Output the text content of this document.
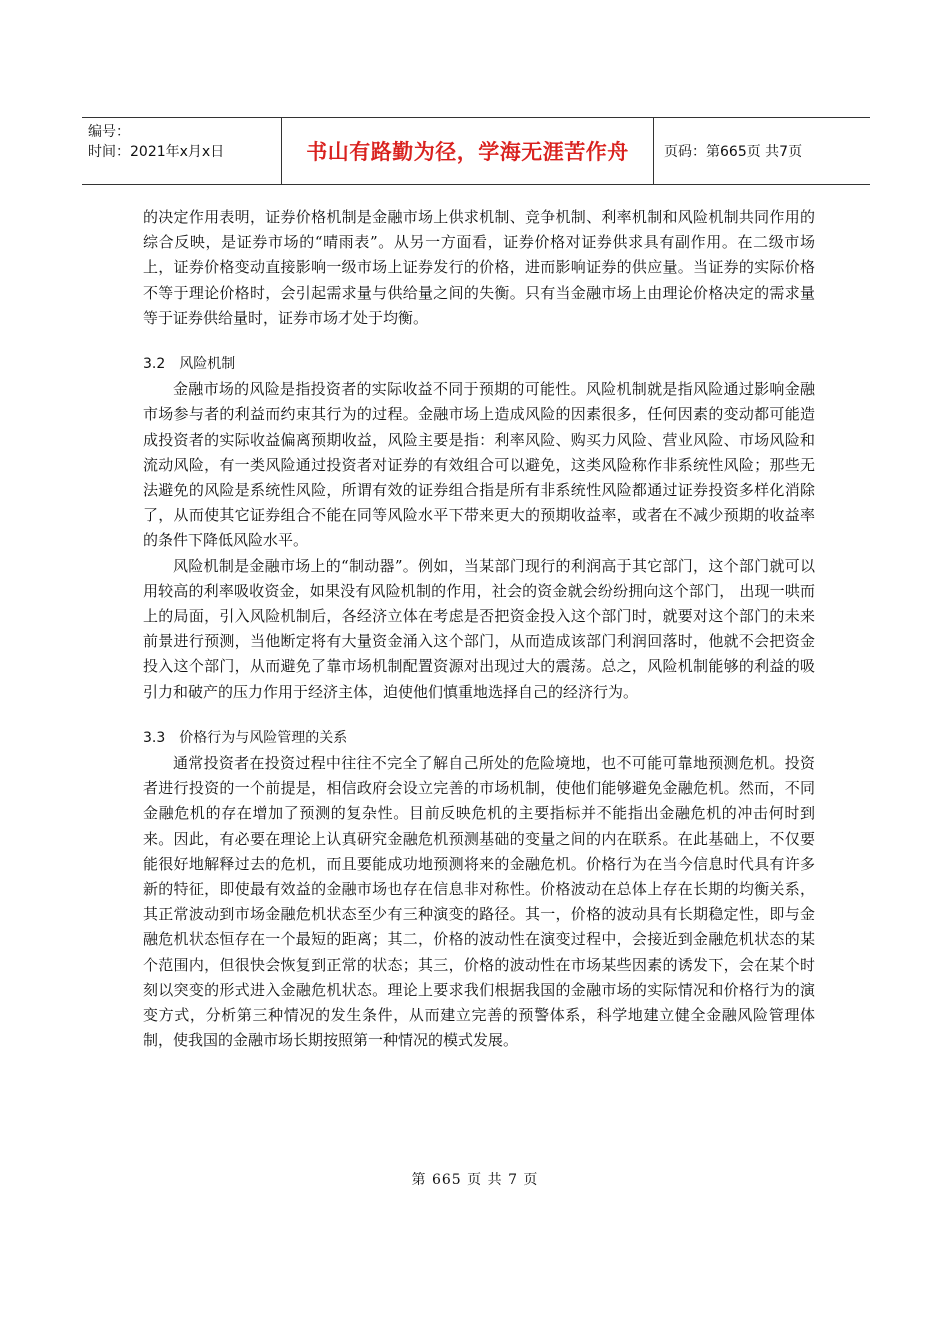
编号：
时间：2021年x月x日	书山有路勤为径，学海无涯苦作舟	页码：第665页 共7页

的决定作用表明，证券价格机制是金融市场上供求机制、竞争机制、利率机制和风险机制共同作用的综合反映，是证券市场的“晴雨表”。从另一方面看，证券价格对证券供求具有副作用。在二级市场上，证券价格变动直接影响一级市场上证券发行的价格，进而影响证券的供应量。当证券的实际价格不等于理论价格时，会引起需求量与供给量之间的失衡。只有当金融市场上由理论价格决定的需求量等于证券供给量时，证券市场才处于均衡。

3.2 风险机制

金融市场的风险是指投资者的实际收益不同于预期的可能性。风险机制就是指风险通过影响金融市场参与者的利益而约束其行为的过程。金融市场上造成风险的因素很多，任何因素的变动都可能造成投资者的实际收益偏离预期收益，风险主要是指：利率风险、购买力风险、营业风险、市场风险和流动风险，有一类风险通过投资者对证券的有效组合可以避免，这类风险称作非系统性风险；那些无法避免的风险是系统性风险，所谓有效的证券组合指是所有非系统性风险都通过证券投资多样化消除了，从而使其它证券组合不能在同等风险水平下带来更大的预期收益率，或者在不减少预期的收益率的条件下降低风险水平。

风险机制是金融市场上的“制动器”。例如，当某部门现行的利润高于其它部门，这个部门就可以用较高的利率吸收资金，如果没有风险机制的作用，社会的资金就会纷纷拥向这个部门， 出现一哄而上的局面，引入风险机制后，各经济立体在考虑是否把资金投入这个部门时，就要对这个部门的未来前景进行预测，当他断定将有大量资金涌入这个部门，从而造成该部门利润回落时，他就不会把资金投入这个部门，从而避免了靠市场机制配置资源对出现过大的震荡。总之，风险机制能够的利益的吸引力和破产的压力作用于经济主体，迫使他们慎重地选择自己的经济行为。

3.3 价格行为与风险管理的关系

通常投资者在投资过程中往往不完全了解自己所处的危险境地，也不可能可靠地预测危机。投资者进行投资的一个前提是，相信政府会设立完善的市场机制，使他们能够避免金融危机。然而，不同金融危机的存在增加了预测的复杂性。目前反映危机的主要指标并不能指出金融危机的冲击何时到来。因此，有必要在理论上认真研究金融危机预测基础的变量之间的内在联系。在此基础上，不仅要能很好地解释过去的危机，而且要能成功地预测将来的金融危机。价格行为在当今信息时代具有许多新的特征，即使最有效益的金融市场也存在信息非对称性。价格波动在总体上存在长期的均衡关系，其正常波动到市场金融危机状态至少有三种演变的路径。其一，价格的波动具有长期稳定性，即与金融危机状态恒存在一个最短的距离；其二，价格的波动性在演变过程中，会接近到金融危机状态的某个范围内，但很快会恢复到正常的状态；其三，价格的波动性在市场某些因素的诱发下，会在某个时刻以突变的形式进入金融危机状态。理论上要求我们根据我国的金融市场的实际情况和价格行为的演变方式，分析第三种情况的发生条件，从而建立完善的预警体系，科学地建立健全金融风险管理体制，使我国的金融市场长期按照第一种情况的模式发展。

第 665 页 共 7 页
